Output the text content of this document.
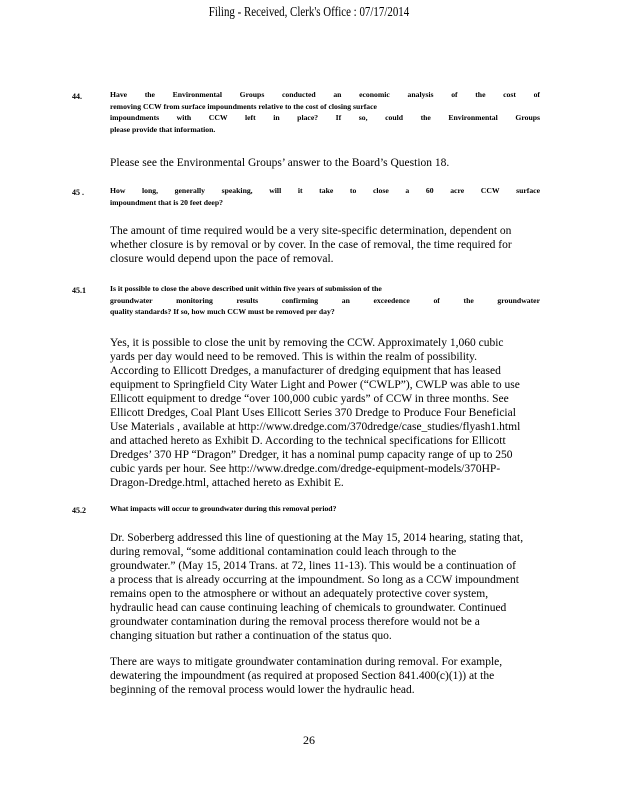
Filing - Received, Clerk's Office : 07/17/2014
44.	Have the Environmental Groups conducted an economic analysis of the cost of
removing CCW from surface impoundments relative to the cost of closing surface
impoundments with CCW left in place? If so, could the Environmental Groups
please provide that information.

Please see the Environmental Groups’ answer to the Board’s Question 18.

45 .	How long, generally speaking, will it take to close a 60 acre CCW surface
impoundment that is 20 feet deep?

The amount of time required would be a very site-specific determination, dependent on

whether closure is by removal or by cover. In the case of removal, the time required for

closure would depend upon the pace of removal.

45.1	Is it possible to close the above described unit within five years of submission of the
groundwater monitoring results confirming an exceedence of the groundwater
quality standards? If so, how much CCW must be removed per day?

Yes, it is possible to close the unit by removing the CCW. Approximately 1,060 cubic

yards per day would need to be removed. This is within the realm of possibility.

According to Ellicott Dredges, a manufacturer of dredging equipment that has leased

equipment to Springfield City Water Light and Power (“CWLP”), CWLP was able to use

Ellicott equipment to dredge “over 100,000 cubic yards” of CCW in three months. See

Ellicott Dredges, Coal Plant Uses Ellicott Series 370 Dredge to Produce Four Beneficial

Use Materials , available at http://www.dredge.com/370dredge/case_studies/flyash1.html

and attached hereto as Exhibit D. According to the technical specifications for Ellicott

Dredges’ 370 HP “Dragon” Dredger, it has a nominal pump capacity range of up to 250

cubic yards per hour. See http://www.dredge.com/dredge-equipment-models/370HP-

Dragon-Dredge.html, attached hereto as Exhibit E.

45.2	What impacts will occur to groundwater during this removal period?

Dr. Soberberg addressed this line of questioning at the May 15, 2014 hearing, stating that,

during removal, “some additional contamination could leach through to the

groundwater.” (May 15, 2014 Trans. at 72, lines 11-13). This would be a continuation of

a process that is already occurring at the impoundment. So long as a CCW impoundment

remains open to the atmosphere or without an adequately protective cover system,

hydraulic head can cause continuing leaching of chemicals to groundwater. Continued

groundwater contamination during the removal process therefore would not be a

changing situation but rather a continuation of the status quo.

There are ways to mitigate groundwater contamination during removal. For example,

dewatering the impoundment (as required at proposed Section 841.400(c)(1)) at the

beginning of the removal process would lower the hydraulic head.

26
